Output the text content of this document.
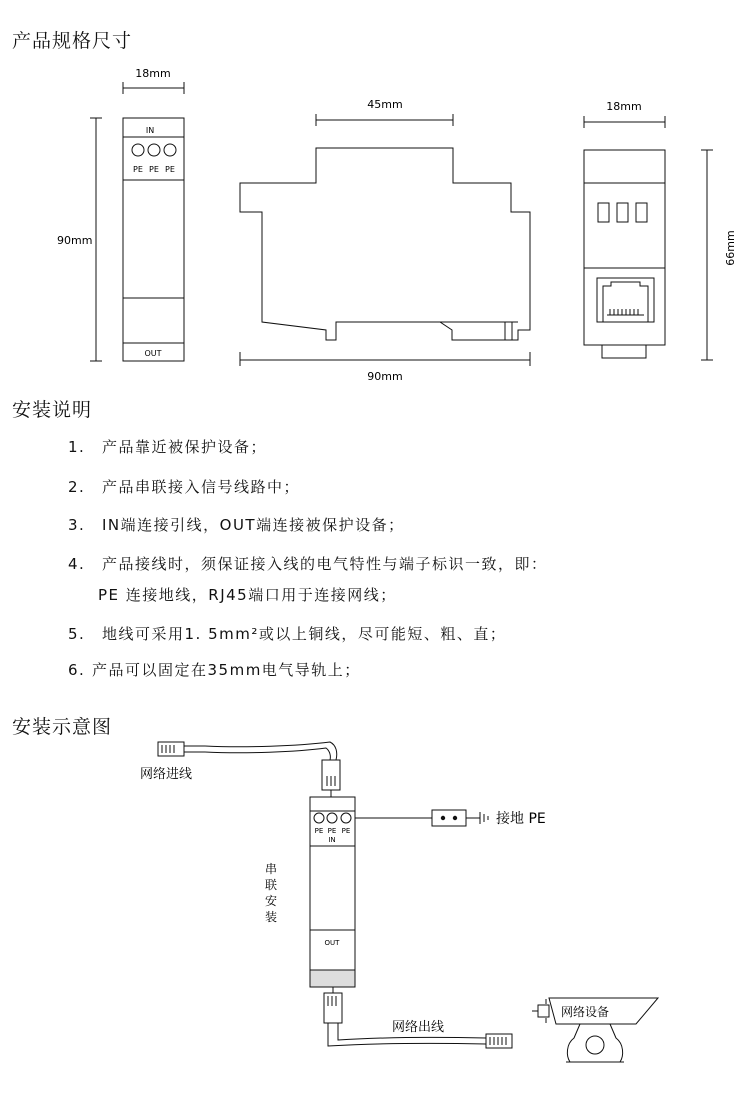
产品规格尺寸
18mm
90mm
IN
PE PE PE
OUT
45mm
90mm
18mm
66mm
安装说明
1. 产品靠近被保护设备；
2. 产品串联接入信号线路中；
3. IN端连接引线，OUT端连接被保护设备；
4. 产品接线时，须保证接入线的电气特性与端子标识一致，即：
PE 连接地线，RJ45端口用于连接网线；
5. 地线可采用1. 5mm²或以上铜线，尽可能短、粗、直；
6. 产品可以固定在35mm电气导轨上；
安装示意图
网络进线
PE PE PE
IN
OUT
接地 PE
串
联
安
装
网络出线
网络设备
